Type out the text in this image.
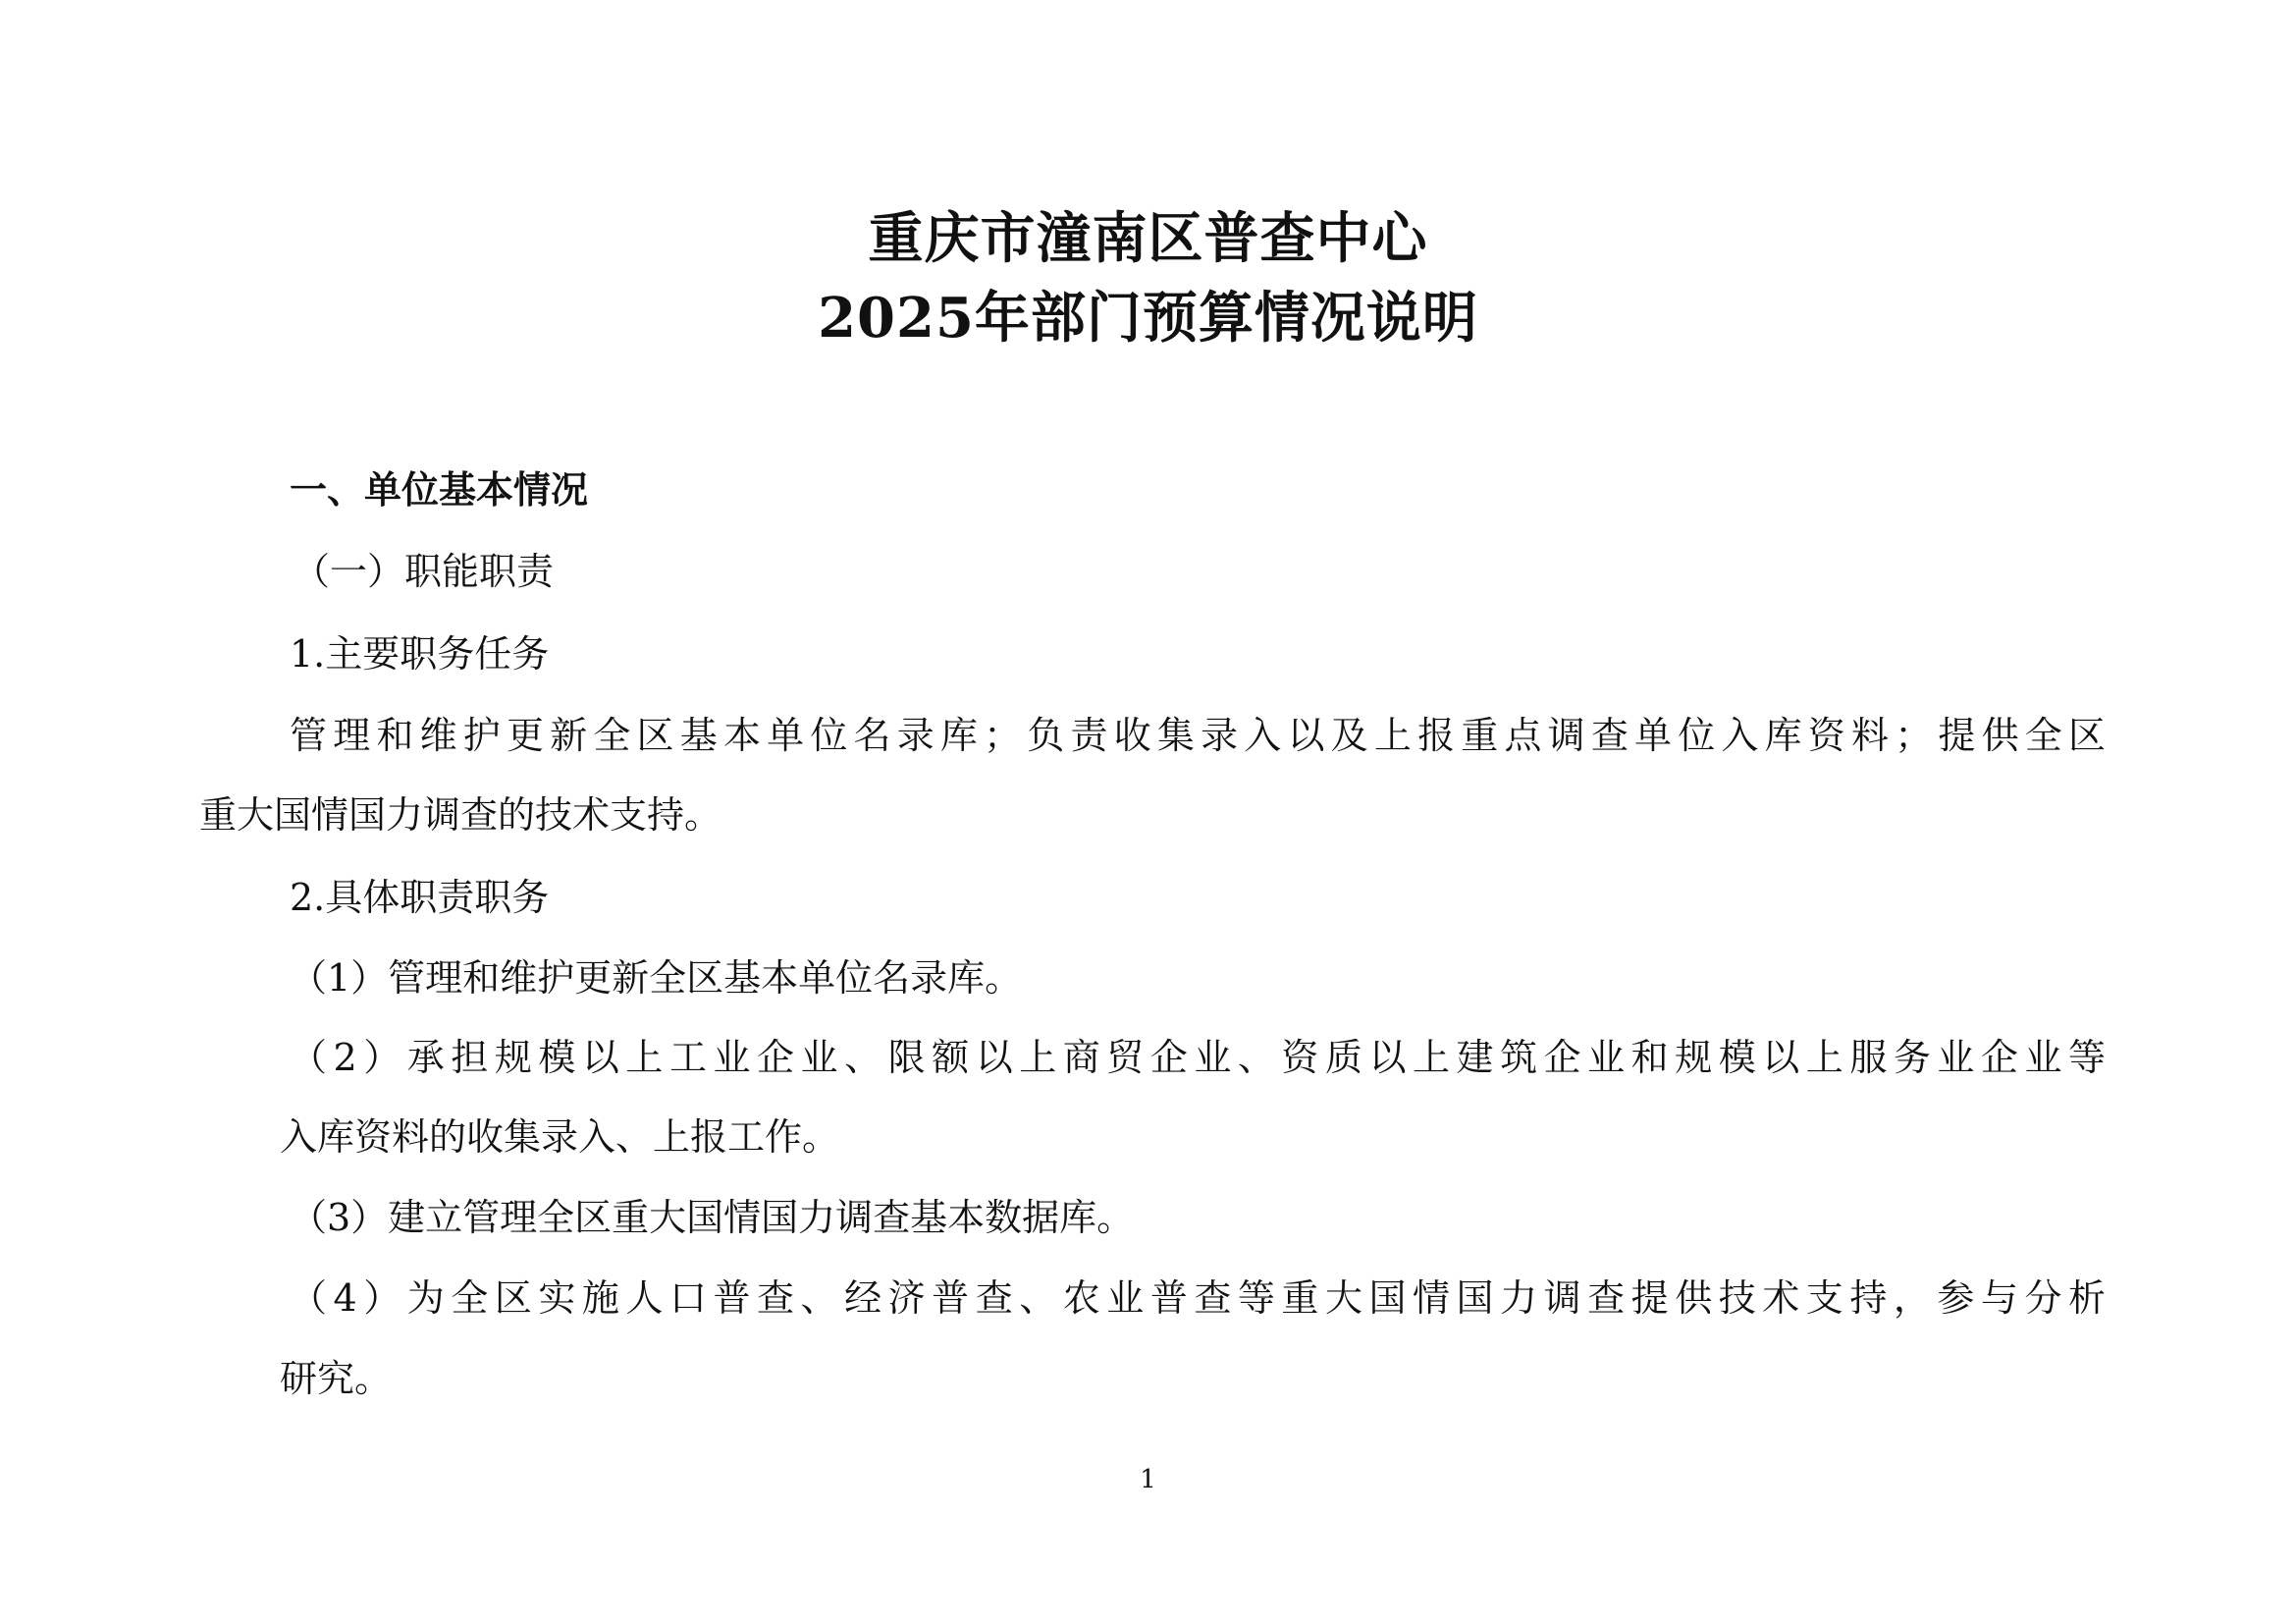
重庆市潼南区普查中心
2025年部门预算情况说明
一、单位基本情况
（一）职能职责
1.主要职务任务
管理和维护更新全区基本单位名录库；负责收集录入以及上报重点调查单位入库资料；提供全区
重大国情国力调查的技术支持。
2.具体职责职务
（1）管理和维护更新全区基本单位名录库。
（2）承担规模以上工业企业、限额以上商贸企业、资质以上建筑企业和规模以上服务业企业等
入库资料的收集录入、上报工作。
（3）建立管理全区重大国情国力调查基本数据库。
（4）为全区实施人口普查、经济普查、农业普查等重大国情国力调查提供技术支持，参与分析
研究。
1
